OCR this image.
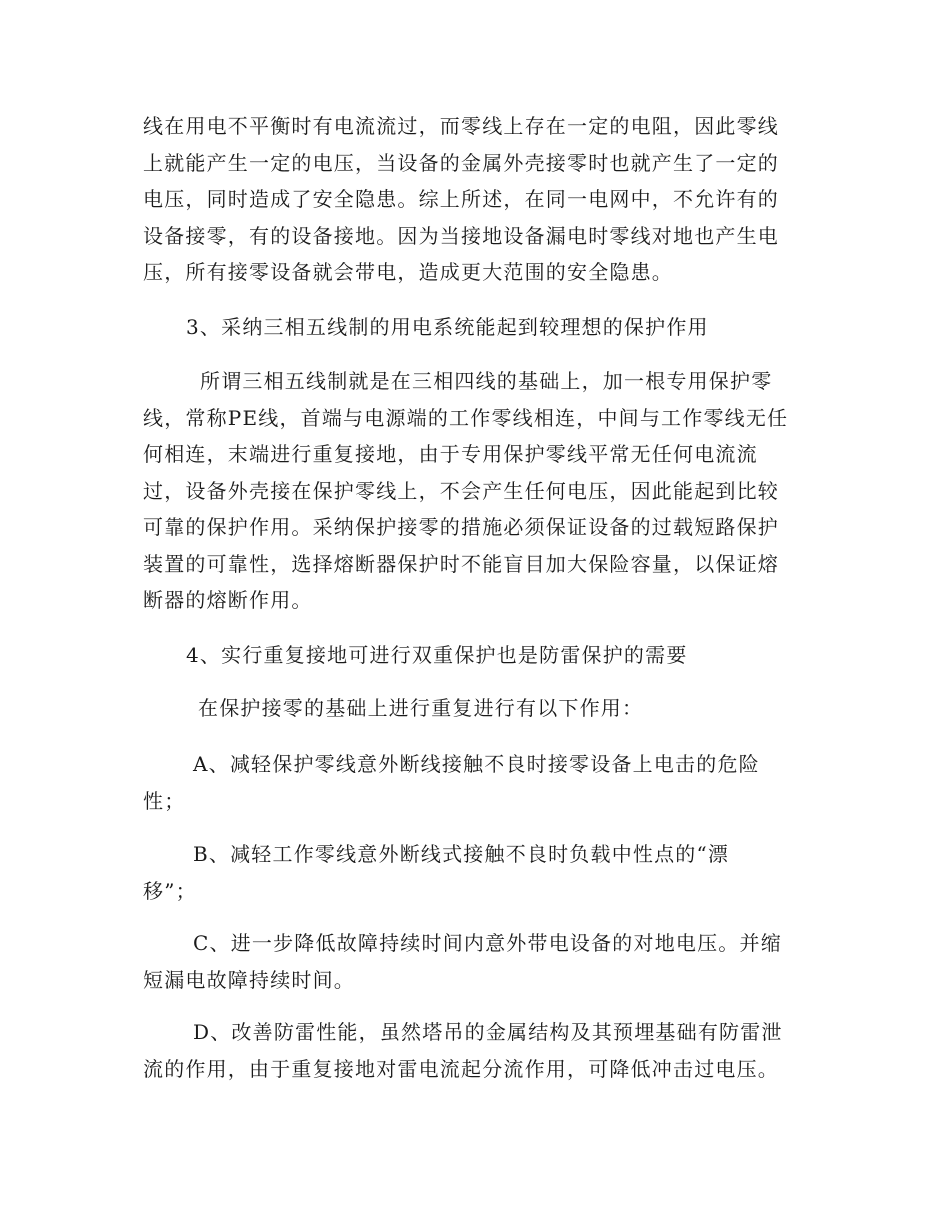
线在用电不平衡时有电流流过，而零线上存在一定的电阻，因此零线
上就能产生一定的电压，当设备的金属外壳接零时也就产生了一定的
电压，同时造成了安全隐患。综上所述，在同一电网中，不允许有的
设备接零，有的设备接地。因为当接地设备漏电时零线对地也产生电
压，所有接零设备就会带电，造成更大范围的安全隐患。
3、采纳三相五线制的用电系统能起到较理想的保护作用
所谓三相五线制就是在三相四线的基础上，加一根专用保护零
线，常称PE线，首端与电源端的工作零线相连，中间与工作零线无任
何相连，末端进行重复接地，由于专用保护零线平常无任何电流流
过，设备外壳接在保护零线上，不会产生任何电压，因此能起到比较
可靠的保护作用。采纳保护接零的措施必须保证设备的过载短路保护
装置的可靠性，选择熔断器保护时不能盲目加大保险容量，以保证熔
断器的熔断作用。
4、实行重复接地可进行双重保护也是防雷保护的需要
在保护接零的基础上进行重复进行有以下作用：
A、减轻保护零线意外断线接触不良时接零设备上电击的危险
性；
B、减轻工作零线意外断线式接触不良时负载中性点的“漂
移”；
C、进一步降低故障持续时间内意外带电设备的对地电压。并缩
短漏电故障持续时间。
D、改善防雷性能，虽然塔吊的金属结构及其预埋基础有防雷泄
流的作用，由于重复接地对雷电流起分流作用，可降低冲击过电压。
